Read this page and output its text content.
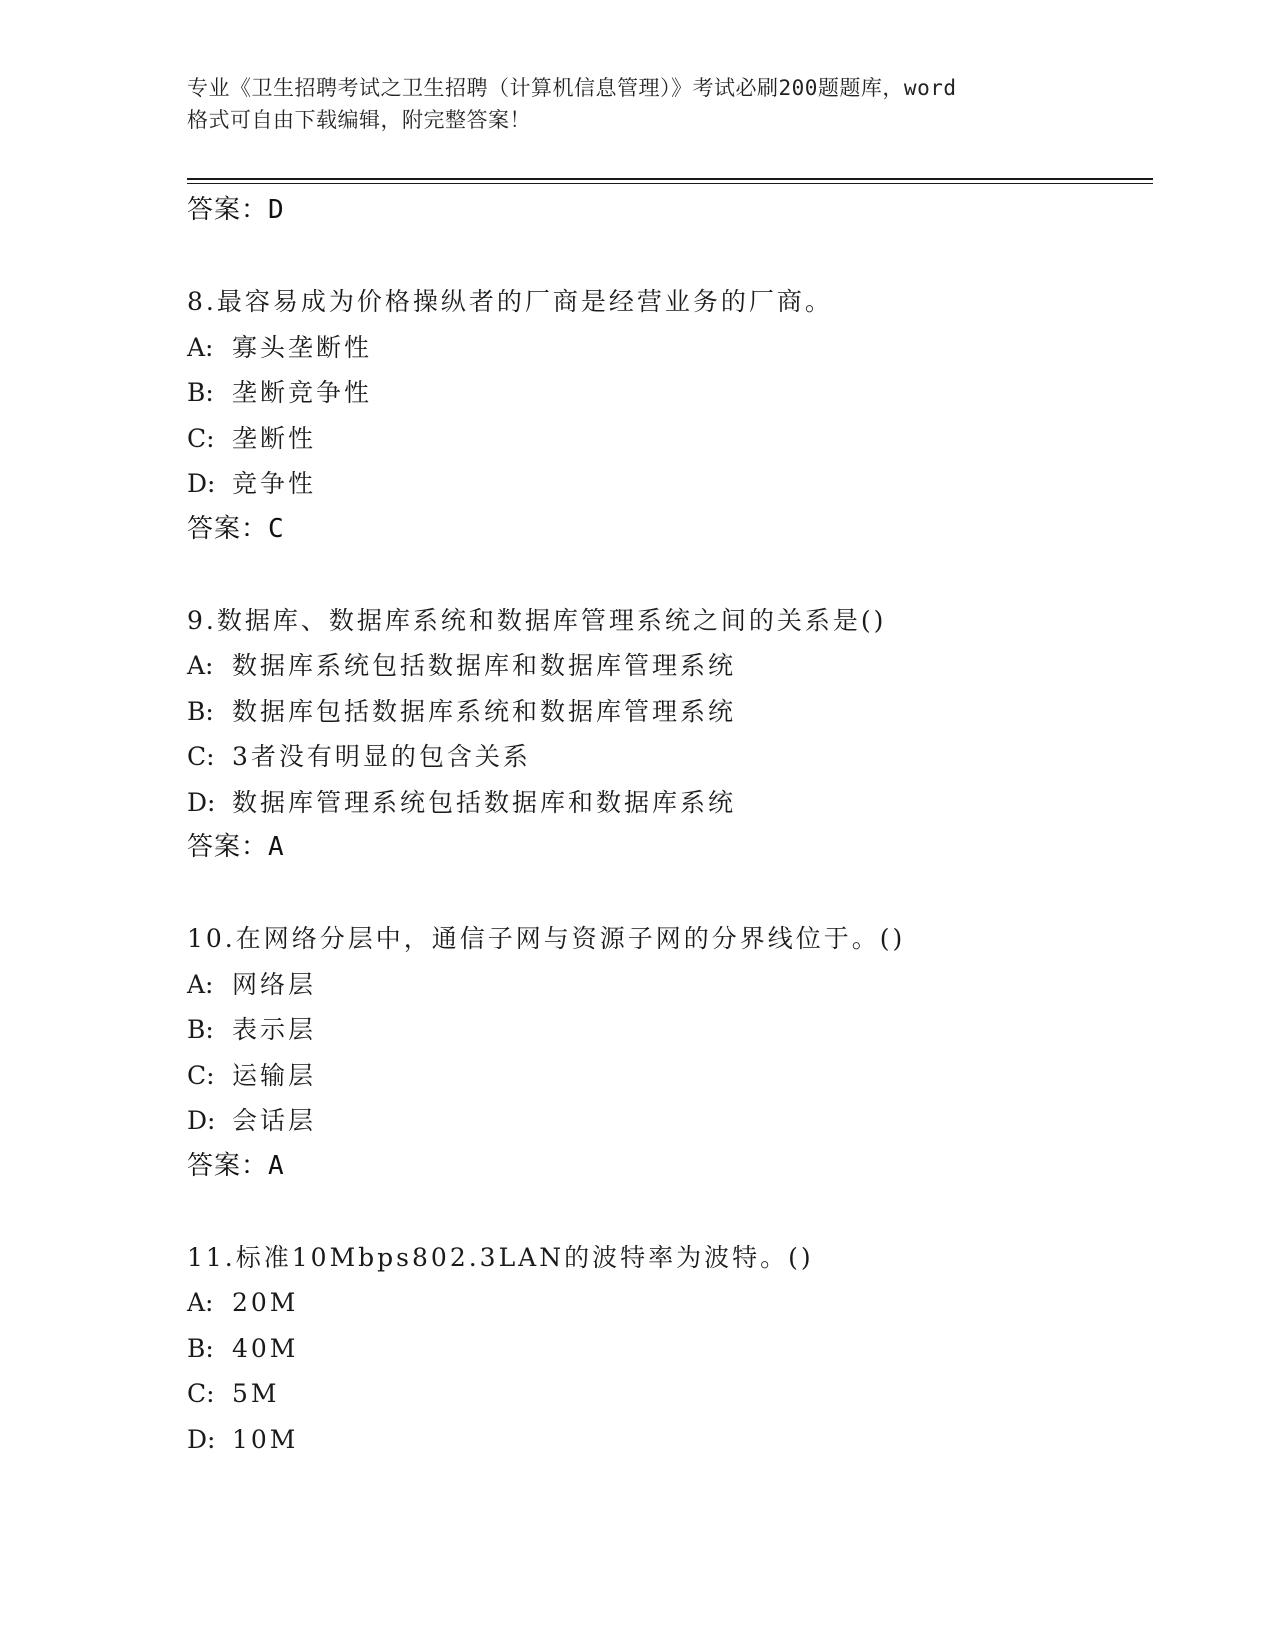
专业《卫生招聘考试之卫生招聘（计算机信息管理）》考试必刷200题题库，word
格式可自由下载编辑，附完整答案！
答案：D
8.最容易成为价格操纵者的厂商是经营业务的厂商。
A: 寡头垄断性
B: 垄断竞争性
C: 垄断性
D: 竞争性
答案：C
9.数据库、数据库系统和数据库管理系统之间的关系是()
A: 数据库系统包括数据库和数据库管理系统
B: 数据库包括数据库系统和数据库管理系统
C: 3者没有明显的包含关系
D: 数据库管理系统包括数据库和数据库系统
答案：A
10.在网络分层中，通信子网与资源子网的分界线位于。()
A: 网络层
B: 表示层
C: 运输层
D: 会话层
答案：A
11.标准10Mbps802.3LAN的波特率为波特。()
A: 20M
B: 40M
C: 5M
D: 10M
